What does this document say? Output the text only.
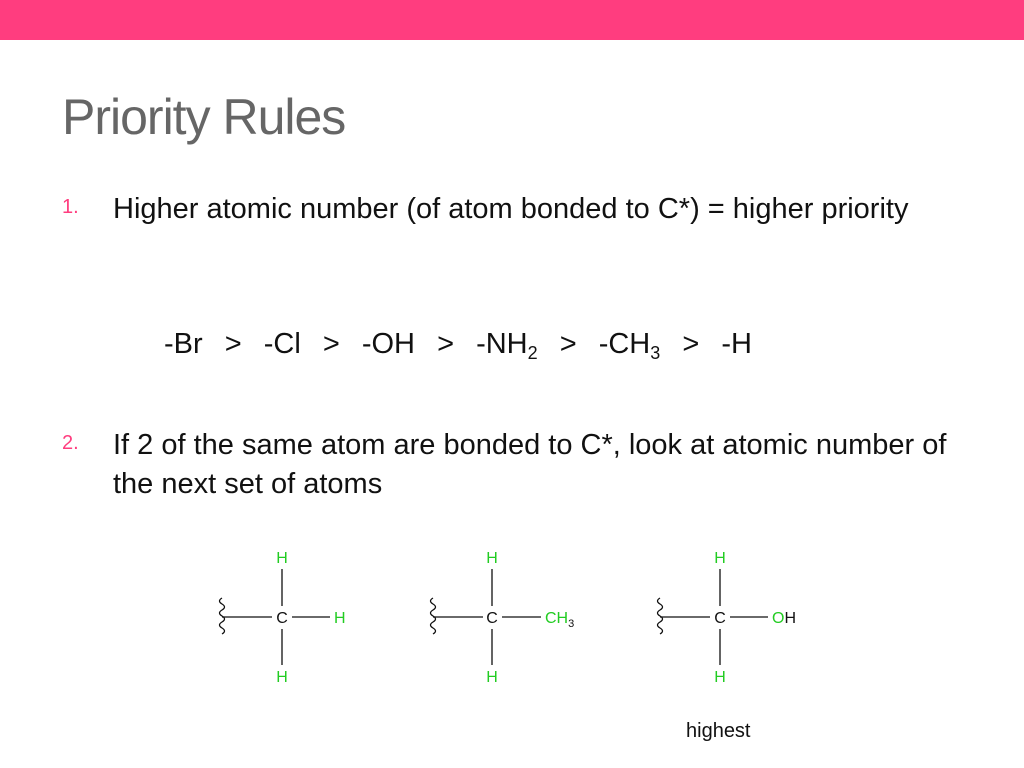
Priority Rules
1. Higher atomic number (of atom bonded to C*) = higher priority
$-Br > -Cl > -OH > -NH_2 > -CH_3 > -H$
2. If 2 of the same atom are bonded to C*, look at atomic number of the next set of atoms
H
C	H
H
H
C	$CH_3$
H
H
C	OH
H
highest
